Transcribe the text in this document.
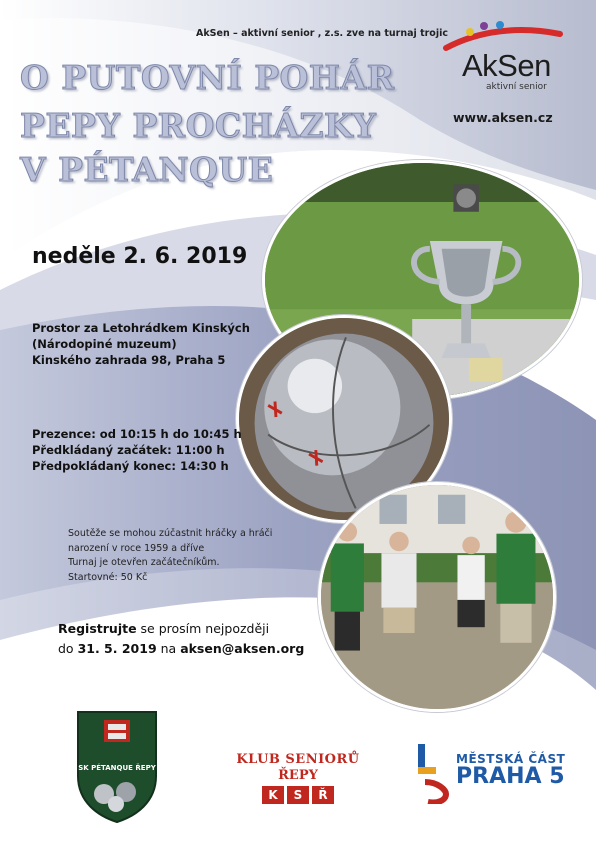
AkSen – aktivní senior , z.s. zve na turnaj trojic
AkSen
aktivní senior
www.aksen.cz
O PUTOVNÍ POHÁR
PEPY PROCHÁZKY
V PÉTANQUE
neděle 2. 6. 2019
Prostor za Letohrádkem Kinských
(Národopiné muzeum)
Kinského zahrada 98, Praha 5
Prezence: od 10:15 h do 10:45 h
Předkládaný začátek: 11:00 h
Předpokládaný konec: 14:30 h
Soutěže se mohou zúčastnit hráčky a hráči
narození v roce 1959 a dříve
Turnaj je otevřen začátečníkům.
Startovné: 50 Kč
Registrujte se prosím nejpozději
do 31. 5. 2019 na aksen@aksen.org
SK PÉTANQUE ŘEPY
KLUB SENIORŮ
ŘEPY
K	S	Ř
MĚSTSKÁ ČÁST
PRAHA 5
